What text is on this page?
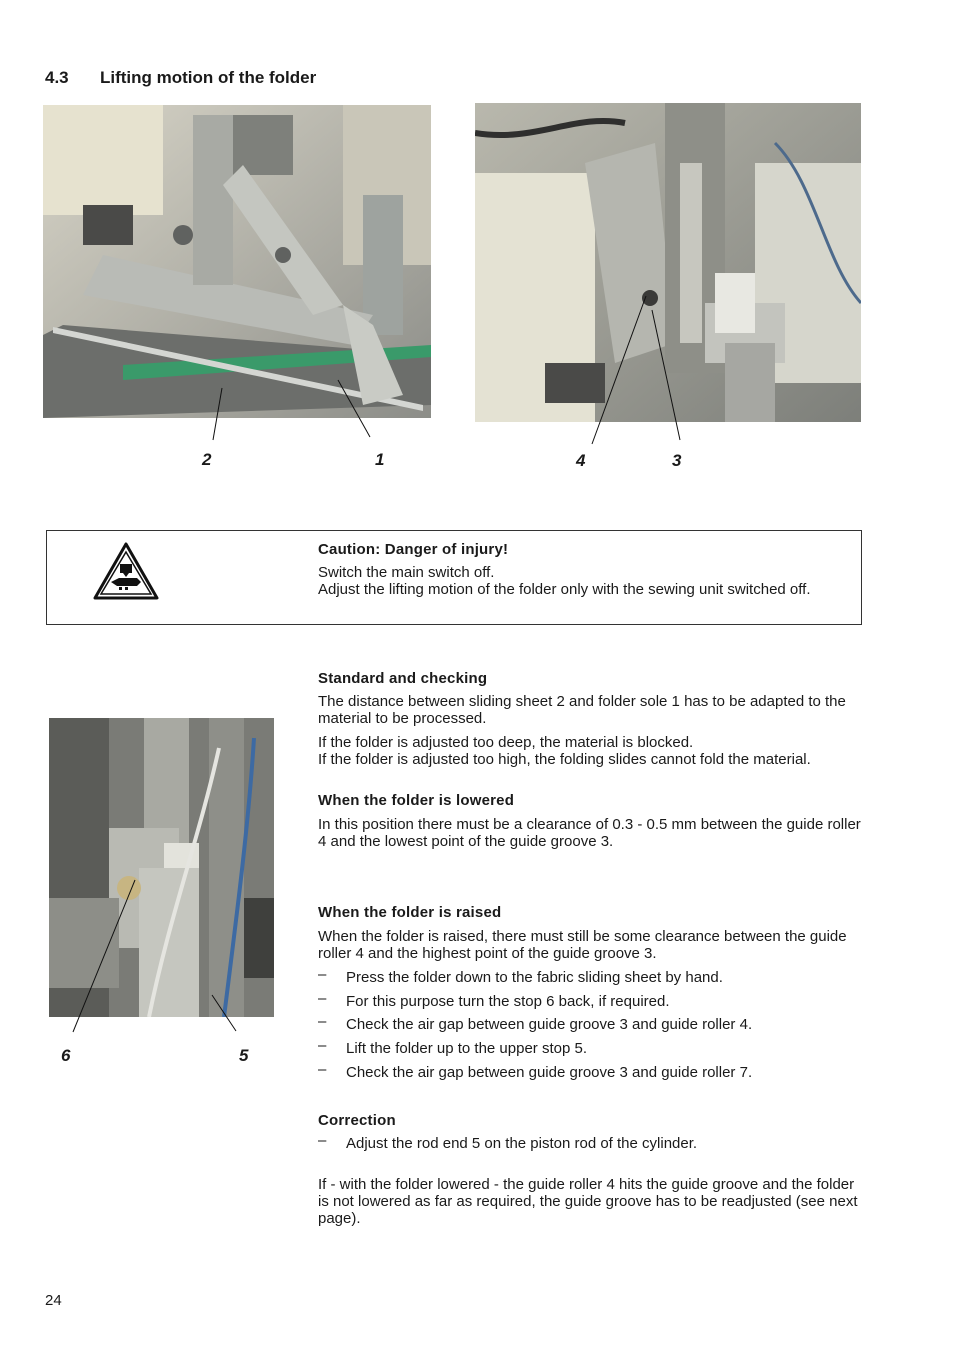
4.3 Lifting motion of the folder
2	1	4	3
6	5
Caution: Danger of injury!
Switch the main switch off.
Adjust the lifting motion of the folder only with the sewing unit switched off.
Standard and checking
The distance between sliding sheet 2 and folder sole 1 has to be adapted to the material to be processed.
If the folder is adjusted too deep, the material is blocked.
If the folder is adjusted too high, the folding slides cannot fold the material.
When the folder is lowered
In this position there must be a clearance of 0.3 - 0.5 mm between the guide roller 4 and the lowest point of the guide groove 3.
When the folder is raised
When the folder is raised, there must still be some clearance between the guide roller 4 and the highest point of the guide groove 3.
– Press the folder down to the fabric sliding sheet by hand.
– For this purpose turn the stop 6 back, if required.
– Check the air gap between guide groove 3 and guide roller 4.
– Lift the folder up to the upper stop 5.
– Check the air gap between guide groove 3 and guide roller 7.
Correction
– Adjust the rod end 5 on the piston rod of the cylinder.
If - with the folder lowered - the guide roller 4 hits the guide groove and the folder is not lowered as far as required, the guide groove has to be readjusted (see next page).
24
